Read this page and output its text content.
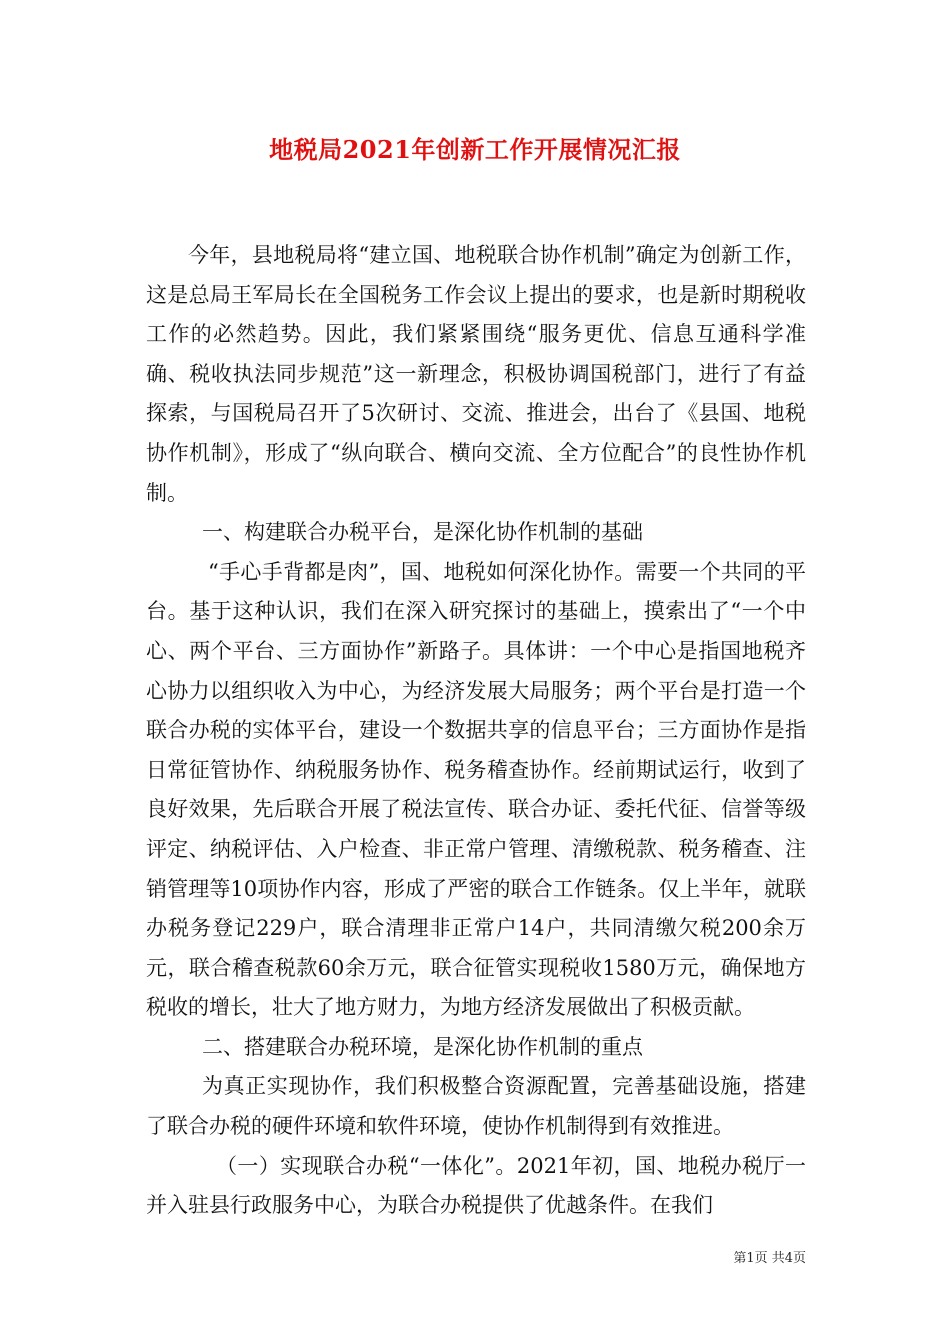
地税局2021年创新工作开展情况汇报

今年，县地税局将“建立国、地税联合协作机制”确定为创新工作，这是总局王军局长在全国税务工作会议上提出的要求，也是新时期税收工作的必然趋势。因此，我们紧紧围绕“服务更优、信息互通科学准确、税收执法同步规范”这一新理念，积极协调国税部门，进行了有益探索，与国税局召开了5次研讨、交流、推进会，出台了《县国、地税协作机制》，形成了“纵向联合、横向交流、全方位配合”的良性协作机制。

一、构建联合办税平台，是深化协作机制的基础

“手心手背都是肉”，国、地税如何深化协作。需要一个共同的平台。基于这种认识，我们在深入研究探讨的基础上，摸索出了“一个中心、两个平台、三方面协作”新路子。具体讲：一个中心是指国地税齐心协力以组织收入为中心，为经济发展大局服务；两个平台是打造一个联合办税的实体平台，建设一个数据共享的信息平台；三方面协作是指日常征管协作、纳税服务协作、税务稽查协作。经前期试运行，收到了良好效果，先后联合开展了税法宣传、联合办证、委托代征、信誉等级评定、纳税评估、入户检查、非正常户管理、清缴税款、税务稽查、注销管理等10项协作内容，形成了严密的联合工作链条。仅上半年，就联办税务登记229户，联合清理非正常户14户，共同清缴欠税200余万元，联合稽查税款60余万元，联合征管实现税收1580万元，确保地方税收的增长，壮大了地方财力，为地方经济发展做出了积极贡献。

二、搭建联合办税环境，是深化协作机制的重点

为真正实现协作，我们积极整合资源配置，完善基础设施，搭建了联合办税的硬件环境和软件环境，使协作机制得到有效推进。

（一）实现联合办税“一体化”。2021年初，国、地税办税厅一并入驻县行政服务中心，为联合办税提供了优越条件。在我们

第1页 共4页
